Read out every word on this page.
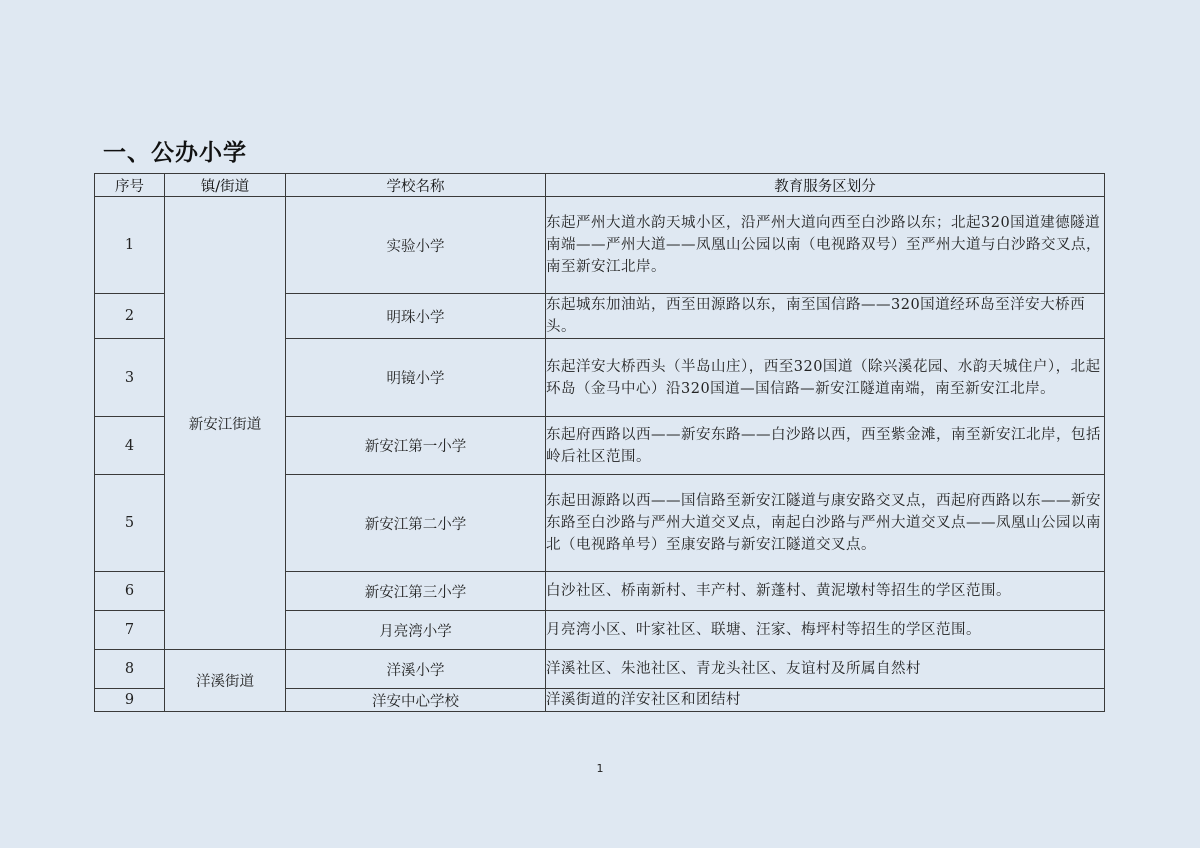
一、公办小学
序号	镇/街道	学校名称	教育服务区划分
1	新安江街道	实验小学	东起严州大道水韵天城小区，沿严州大道向西至白沙路以东；北起320国道建德隧道南端——严州大道——凤凰山公园以南（电视路双号）至严州大道与白沙路交叉点，南至新安江北岸。
2		明珠小学	东起城东加油站，西至田源路以东，南至国信路——320国道经环岛至洋安大桥西头。
3		明镜小学	东起洋安大桥西头（半岛山庄），西至320国道（除兴溪花园、水韵天城住户），北起环岛（金马中心）沿320国道—国信路—新安江隧道南端，南至新安江北岸。
4		新安江第一小学	东起府西路以西——新安东路——白沙路以西，西至紫金滩，南至新安江北岸，包括岭后社区范围。
5		新安江第二小学	东起田源路以西——国信路至新安江隧道与康安路交叉点，西起府西路以东——新安东路至白沙路与严州大道交叉点，南起白沙路与严州大道交叉点——凤凰山公园以南北（电视路单号）至康安路与新安江隧道交叉点。
6		新安江第三小学	白沙社区、桥南新村、丰产村、新蓬村、黄泥墩村等招生的学区范围。
7		月亮湾小学	月亮湾小区、叶家社区、联塘、汪家、梅坪村等招生的学区范围。
8	洋溪街道	洋溪小学	洋溪社区、朱池社区、青龙头社区、友谊村及所属自然村
9		洋安中心学校	洋溪街道的洋安社区和团结村
1
